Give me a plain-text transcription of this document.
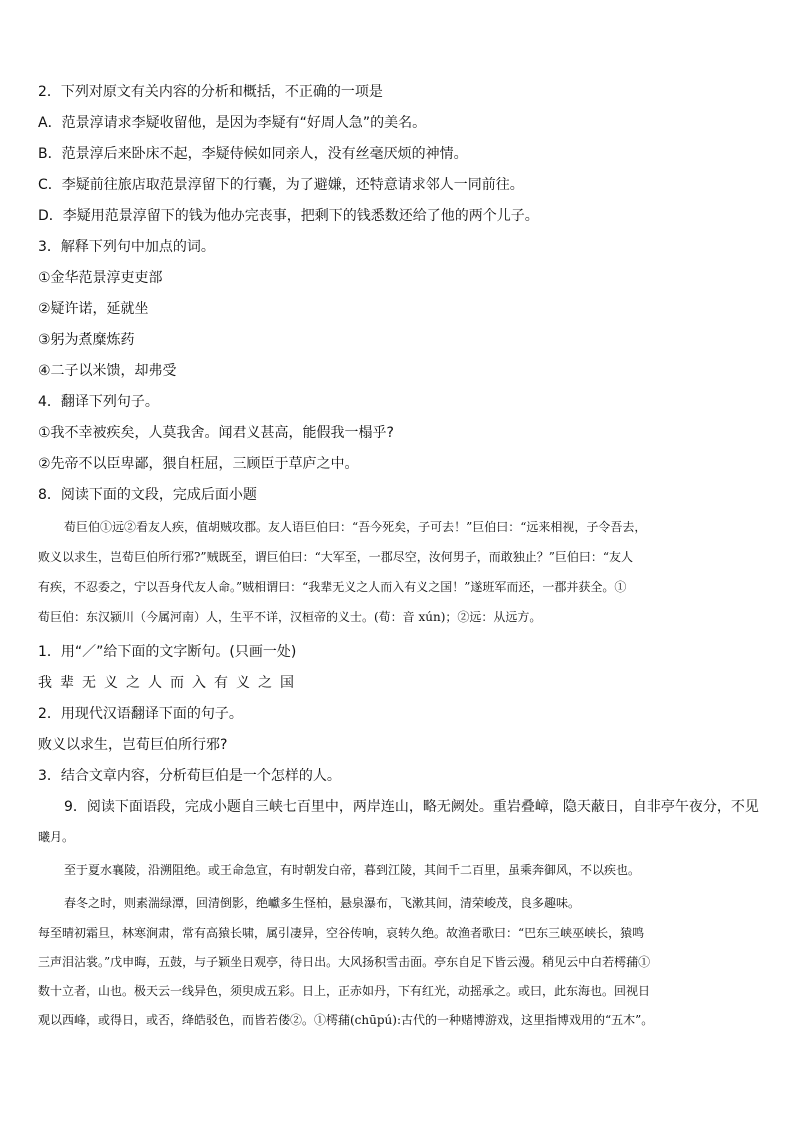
2．下列对原文有关内容的分析和概括，不正确的一项是
A．范景淳请求李疑收留他，是因为李疑有“好周人急”的美名。
B．范景淳后来卧床不起，李疑侍候如同亲人，没有丝毫厌烦的神情。
C．李疑前往旅店取范景淳留下的行囊，为了避嫌，还特意请求邻人一同前往。
D．李疑用范景淳留下的钱为他办完丧事，把剩下的钱悉数还给了他的两个儿子。
3．解释下列句中加点的词。
①金华范景淳吏吏部
②疑许诺，延就坐
③躬为煮糜炼药
④二子以米馈，却弗受
4．翻译下列句子。
①我不幸被疾矣，人莫我舍。闻君义甚高，能假我一榻乎?
②先帝不以臣卑鄙，猥自枉屈，三顾臣于草庐之中。
8．阅读下面的文段，完成后面小题
荀巨伯①远②看友人疾，值胡贼攻郡。友人语巨伯曰：“吾今死矣，子可去！”巨伯曰：“远来相视，子令吾去，
败义以求生，岂荀巨伯所行邪?”贼既至，谓巨伯曰：“大军至，一郡尽空，汝何男子，而敢独止？”巨伯曰：“友人
有疾，不忍委之，宁以吾身代友人命。”贼相谓曰：“我辈无义之人而入有义之国！”遂班军而还，一郡并获全。①
荀巨伯：东汉颍川（今属河南）人，生平不详，汉桓帝的义士。(荀：音 xún)；②远：从远方。
1．用“／”给下面的文字断句。(只画一处)
我辈无义之人而入有义之国
2．用现代汉语翻译下面的句子。
败义以求生，岂荀巨伯所行邪?
3．结合文章内容，分析荀巨伯是一个怎样的人。
9．阅读下面语段，完成小题自三峡七百里中，两岸连山，略无阙处。重岩叠嶂，隐天蔽日，自非亭午夜分，不见
曦月。
至于夏水襄陵，沿溯阻绝。或王命急宣，有时朝发白帝，暮到江陵，其间千二百里，虽乘奔御风，不以疾也。
春冬之时，则素湍绿潭，回清倒影，绝巘多生怪柏，悬泉瀑布，飞漱其间，清荣峻茂，良多趣味。
每至晴初霜旦，林寒涧肃，常有高猿长啸，属引凄异，空谷传响，哀转久绝。故渔者歌曰：“巴东三峡巫峡长，猿鸣
三声泪沾裳。”戊申晦，五鼓，与子颖坐日观亭，待日出。大风扬积雪击面。亭东自足下皆云漫。稍见云中白若樗蒱①
数十立者，山也。极天云一线异色，须臾成五彩。日上，正赤如丹，下有红光，动摇承之。或曰，此东海也。回视日
观以西峰，或得日，或否，绛皓驳色，而皆若偻②。①樗蒱(chūpú):古代的一种赌博游戏，这里指博戏用的“五木”。
